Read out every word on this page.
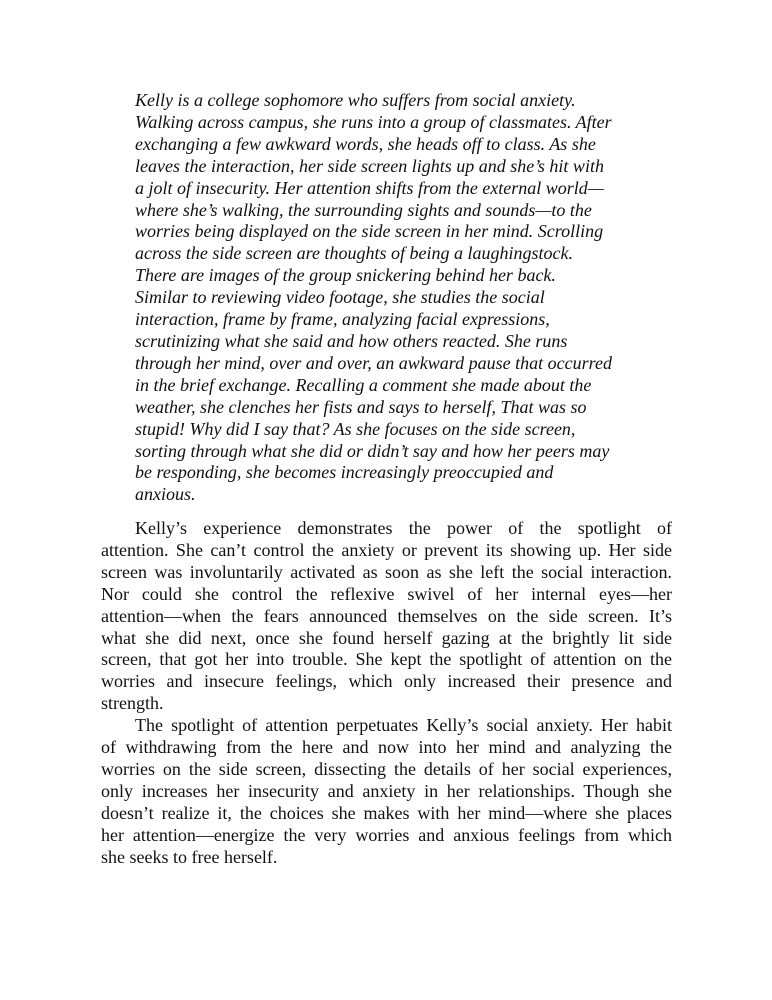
Kelly is a college sophomore who suffers from social anxiety.
Walking across campus, she runs into a group of classmates. After
exchanging a few awkward words, she heads off to class. As she
leaves the interaction, her side screen lights up and she’s hit with
a jolt of insecurity. Her attention shifts from the external world—
where she’s walking, the surrounding sights and sounds—to the
worries being displayed on the side screen in her mind. Scrolling
across the side screen are thoughts of being a laughingstock.
There are images of the group snickering behind her back.
Similar to reviewing video footage, she studies the social
interaction, frame by frame, analyzing facial expressions,
scrutinizing what she said and how others reacted. She runs
through her mind, over and over, an awkward pause that occurred
in the brief exchange. Recalling a comment she made about the
weather, she clenches her fists and says to herself, That was so
stupid! Why did I say that? As she focuses on the side screen,
sorting through what she did or didn’t say and how her peers may
be responding, she becomes increasingly preoccupied and
anxious.
Kelly’s experience demonstrates the power of the spotlight of
attention. She can’t control the anxiety or prevent its showing up. Her side
screen was involuntarily activated as soon as she left the social interaction.
Nor could she control the reflexive swivel of her internal eyes—her
attention—when the fears announced themselves on the side screen. It’s
what she did next, once she found herself gazing at the brightly lit side
screen, that got her into trouble. She kept the spotlight of attention on the
worries and insecure feelings, which only increased their presence and
strength.
The spotlight of attention perpetuates Kelly’s social anxiety. Her habit
of withdrawing from the here and now into her mind and analyzing the
worries on the side screen, dissecting the details of her social experiences,
only increases her insecurity and anxiety in her relationships. Though she
doesn’t realize it, the choices she makes with her mind—where she places
her attention—energize the very worries and anxious feelings from which
she seeks to free herself.
